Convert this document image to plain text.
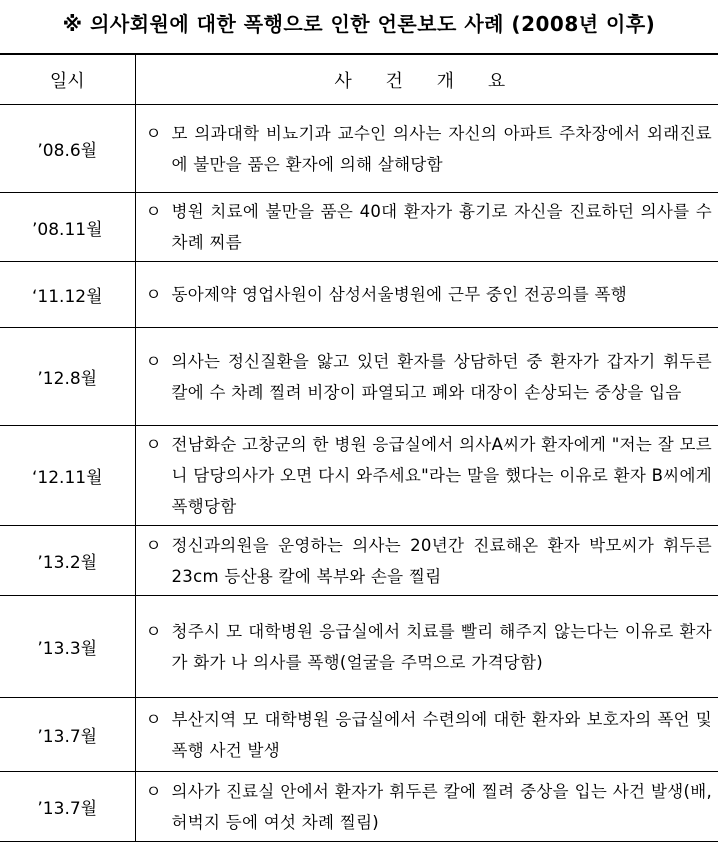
※ 의사회원에 대한 폭행으로 인한 언론보도 사례 (2008년 이후)
일시	사 건 개 요
’08.6월	ㅇ 모 의과대학 비뇨기과 교수인 의사는 자신의 아파트 주차장에서 외래진료에 불만을 품은 환자에 의해 살해당함

’08.11월	ㅇ 병원 치료에 불만을 품은 40대 환자가 흉기로 자신을 진료하던 의사를 수차례 찌름

‘11.12월	ㅇ 동아제약 영업사원이 삼성서울병원에 근무 중인 전공의를 폭행

’12.8월	ㅇ 의사는 정신질환을 앓고 있던 환자를 상담하던 중 환자가 갑자기 휘두른 칼에 수 차례 찔려 비장이 파열되고 폐와 대장이 손상되는 중상을 입음

‘12.11월	ㅇ 전남화순 고창군의 한 병원 응급실에서 의사A씨가 환자에게 "저는 잘 모르니 담당의사가 오면 다시 와주세요"라는 말을 했다는 이유로 환자 B씨에게 폭행당함

’13.2월	ㅇ 정신과의원을 운영하는 의사는 20년간 진료해온 환자 박모씨가 휘두른 23cm 등산용 칼에 복부와 손을 찔림

’13.3월	ㅇ 청주시 모 대학병원 응급실에서 치료를 빨리 해주지 않는다는 이유로 환자가 화가 나 의사를 폭행(얼굴을 주먹으로 가격당함)

’13.7월	ㅇ 부산지역 모 대학병원 응급실에서 수련의에 대한 환자와 보호자의 폭언 및 폭행 사건 발생

’13.7월	ㅇ 의사가 진료실 안에서 환자가 휘두른 칼에 찔려 중상을 입는 사건 발생(배, 허벅지 등에 여섯 차례 찔림)
